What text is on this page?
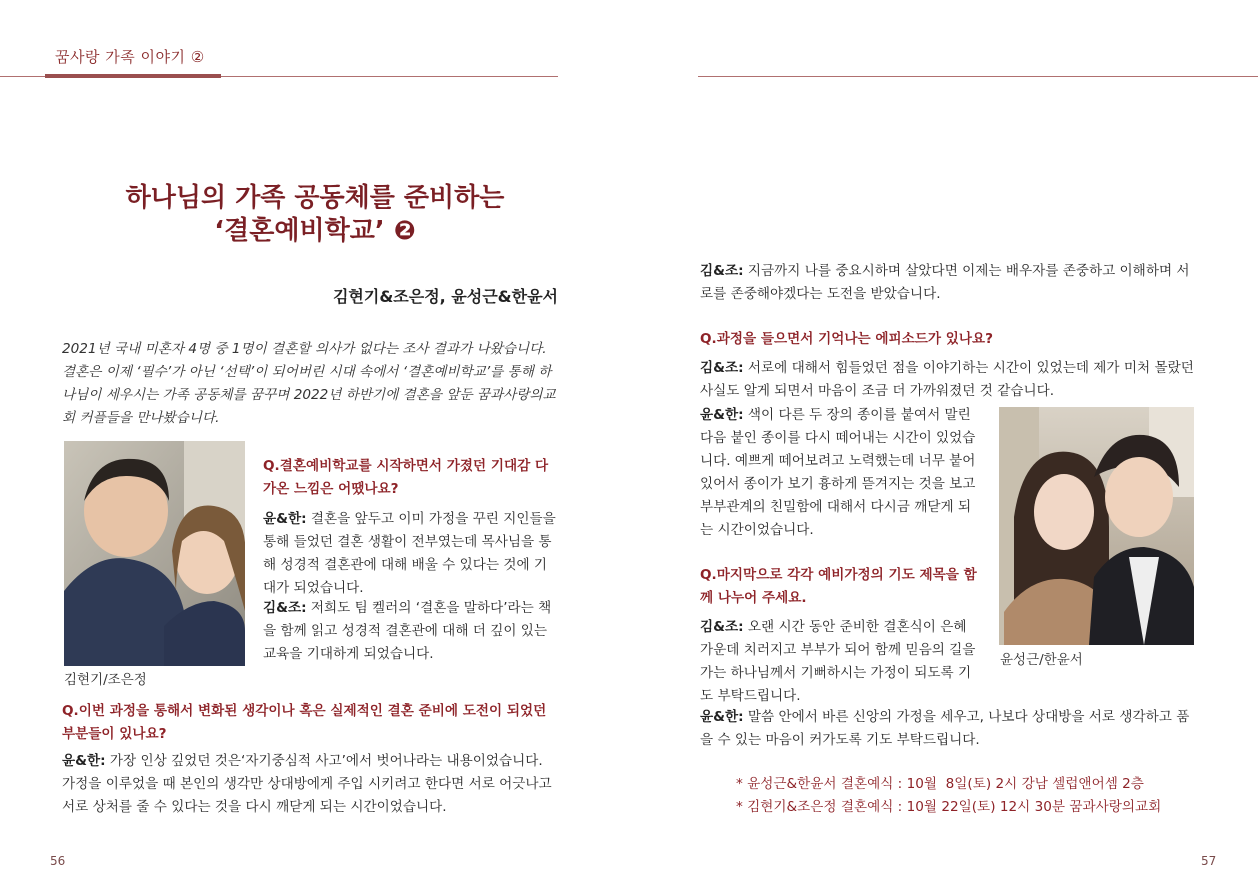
꿈사랑 가족 이야기 ②
하나님의 가족 공동체를 준비하는
‘결혼예비학교’ ❷
김현기&조은정, 윤성근&한윤서
2021년 국내 미혼자 4명 중 1명이 결혼할 의사가 없다는 조사 결과가 나왔습니다. 결혼은 이제 ‘필수’가 아닌 ‘선택’이 되어버린 시대 속에서 ‘결혼예비학교’를 통해 하나님이 세우시는 가족 공동체를 꿈꾸며 2022년 하반기에 결혼을 앞둔 꿈과사랑의교회 커플들을 만나봤습니다.
김현기/조은정
Q.결혼예비학교를 시작하면서 가졌던 기대감 다가온 느낌은 어땠나요?
윤&한: 결혼을 앞두고 이미 가정을 꾸린 지인들을 통해 들었던 결혼 생활이 전부였는데 목사님을 통해 성경적 결혼관에 대해 배울 수 있다는 것에 기대가 되었습니다.
김&조: 저희도 팀 켈러의 ‘결혼을 말하다’라는 책을 함께 읽고 성경적 결혼관에 대해 더 깊이 있는 교육을 기대하게 되었습니다.
Q.이번 과정을 통해서 변화된 생각이나 혹은 실제적인 결혼 준비에 도전이 되었던 부분들이 있나요?
윤&한: 가장 인상 깊었던 것은‘자기중심적 사고’에서 벗어나라는 내용이었습니다. 가정을 이루었을 때 본인의 생각만 상대방에게 주입 시키려고 한다면 서로 어긋나고 서로 상처를 줄 수 있다는 것을 다시 깨닫게 되는 시간이었습니다.
56
김&조: 지금까지 나를 중요시하며 살았다면 이제는 배우자를 존중하고 이해하며 서로를 존중해야겠다는 도전을 받았습니다.
Q.과정을 들으면서 기억나는 에피소드가 있나요?
김&조: 서로에 대해서 힘들었던 점을 이야기하는 시간이 있었는데 제가 미처 몰랐던 사실도 알게 되면서 마음이 조금 더 가까워졌던 것 같습니다.
윤&한: 색이 다른 두 장의 종이를 붙여서 말린 다음 붙인 종이를 다시 떼어내는 시간이 있었습니다. 예쁘게 떼어보려고 노력했는데 너무 붙어 있어서 종이가 보기 흉하게 뜯겨지는 것을 보고 부부관계의 친밀함에 대해서 다시금 깨닫게 되는 시간이었습니다.
윤성근/한윤서
Q.마지막으로 각각 예비가정의 기도 제목을 함께 나누어 주세요.
김&조: 오랜 시간 동안 준비한 결혼식이 은혜 가운데 치러지고 부부가 되어 함께 믿음의 길을 가는 하나님께서 기뻐하시는 가정이 되도록 기도 부탁드립니다.
윤&한: 말씀 안에서 바른 신앙의 가정을 세우고, 나보다 상대방을 서로 생각하고 품을 수 있는 마음이 커가도록 기도 부탁드립니다.
* 윤성근&한윤서 결혼예식 : 10월  8일(토) 2시 강남 셀럽앤어셈 2층
* 김현기&조은정 결혼예식 : 10월 22일(토) 12시 30분 꿈과사랑의교회
57
